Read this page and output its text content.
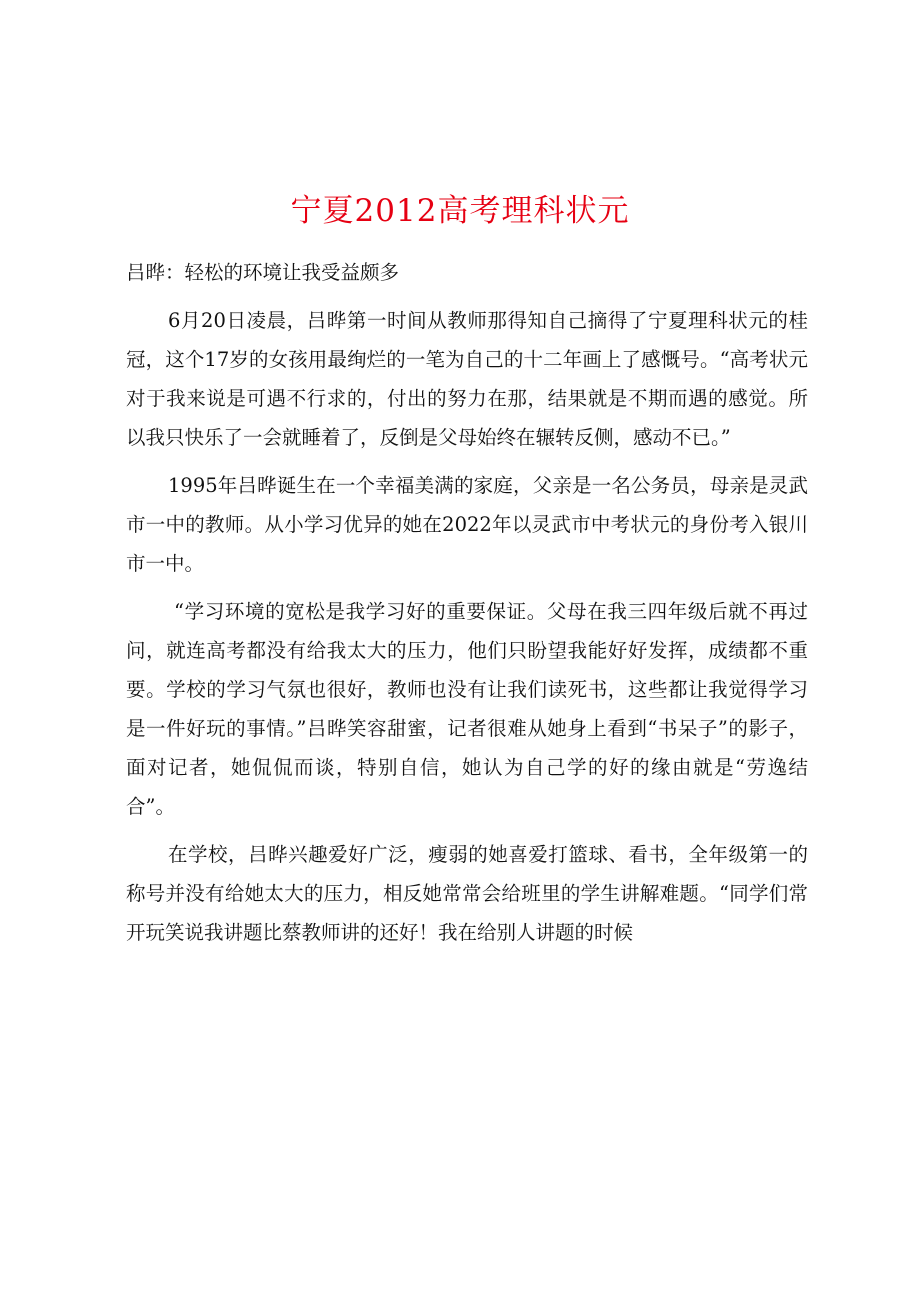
宁夏2012高考理科状元

吕晔：轻松的环境让我受益颇多

6月20日凌晨，吕晔第一时间从教师那得知自己摘得了宁夏理科状元的桂冠，这个17岁的女孩用最绚烂的一笔为自己的十二年画上了感慨号。“高考状元对于我来说是可遇不行求的，付出的努力在那，结果就是不期而遇的感觉。所以我只快乐了一会就睡着了，反倒是父母始终在辗转反侧，感动不已。”

1995年吕晔诞生在一个幸福美满的家庭，父亲是一名公务员，母亲是灵武市一中的教师。从小学习优异的她在2022年以灵武市中考状元的身份考入银川市一中。

“学习环境的宽松是我学习好的重要保证。父母在我三四年级后就不再过问，就连高考都没有给我太大的压力，他们只盼望我能好好发挥，成绩都不重要。学校的学习气氛也很好，教师也没有让我们读死书，这些都让我觉得学习是一件好玩的事情。”吕晔笑容甜蜜，记者很难从她身上看到“书呆子”的影子，面对记者，她侃侃而谈，特别自信，她认为自己学的好的缘由就是“劳逸结合”。

在学校，吕晔兴趣爱好广泛，瘦弱的她喜爱打篮球、看书，全年级第一的称号并没有给她太大的压力，相反她常常会给班里的学生讲解难题。“同学们常开玩笑说我讲题比蔡教师讲的还好！我在给别人讲题的时候
